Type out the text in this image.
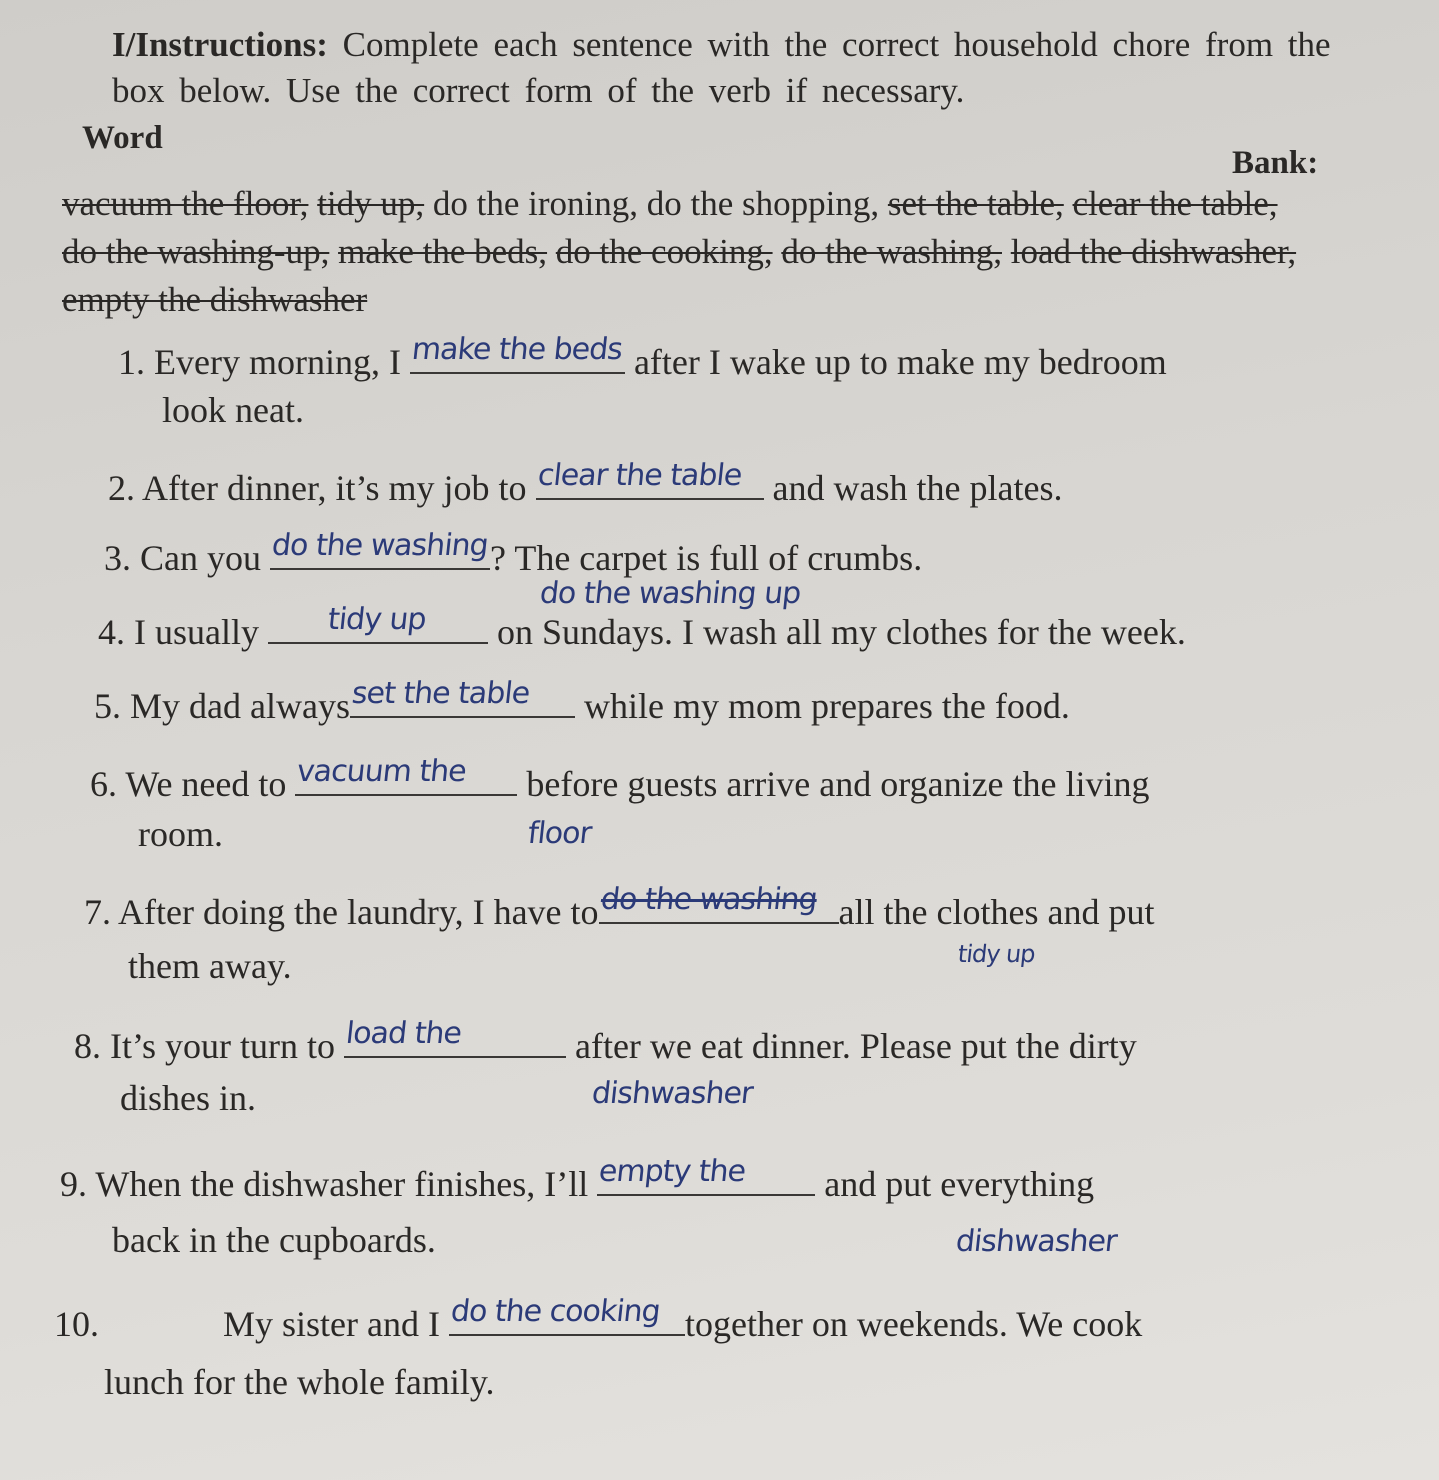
I/Instructions: Complete each sentence with the correct household chore from the box below. Use the correct form of the verb if necessary.
Word
Bank:
vacuum the floor, tidy up, do the ironing, do the shopping, set the table, clear the table, do the washing-up, make the beds, do the cooking, do the washing, load the dishwasher, empty the dishwasher
1. Every morning, I make the beds after I wake up to make my bedroom
look neat.
2. After dinner, it’s my job to clear the table and wash the plates.
3. Can you do the washing ? The carpet is full of crumbs.
do the washing up
4. I usually tidy up on Sundays. I wash all my clothes for the week.
5. My dad always set the table while my mom prepares the food.
6. We need to vacuum the before guests arrive and organize the living
floor
room.
7. After doing the laundry, I have to do the washing all the clothes and put
tidy up
them away.
8. It’s your turn to load the	after we eat dinner. Please put the dirty
dishwasher
dishes in.
9. When the dishwasher finishes, I’ll empty the and put everything
dishwasher
back in the cupboards.
10.	My sister and I do the cooking together on weekends. We cook
lunch for the whole family.
